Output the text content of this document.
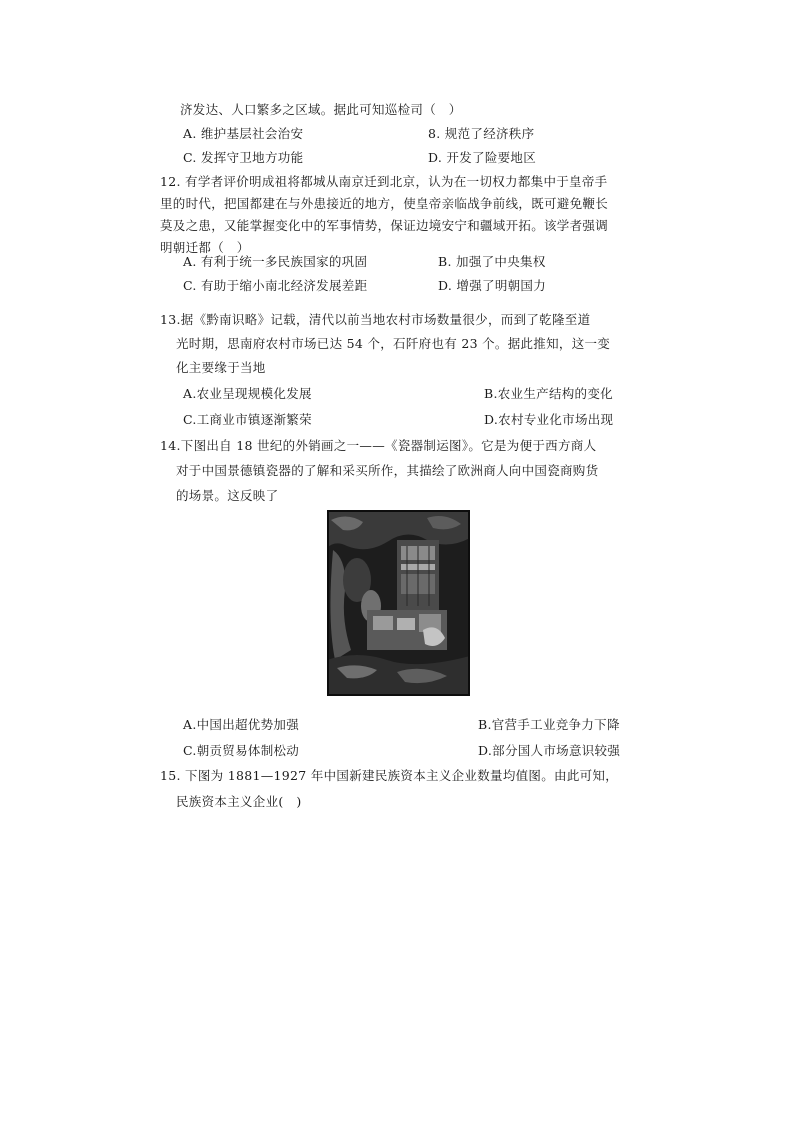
济发达、人口繁多之区域。据此可知巡检司（　）
A. 维护基层社会治安	8. 规范了经济秩序
C. 发挥守卫地方功能	D. 开发了险要地区
12. 有学者评价明成祖将都城从南京迁到北京，认为在一切权力都集中于皇帝手
里的时代，把国都建在与外患接近的地方，使皇帝亲临战争前线，既可避免鞭长
莫及之患，又能掌握变化中的军事情势，保证边境安宁和疆域开拓。该学者强调
明朝迁都（　）
A. 有利于统一多民族国家的巩固	B. 加强了中央集权
C. 有助于缩小南北经济发展差距	D. 增强了明朝国力
13.据《黔南识略》记载，清代以前当地农村市场数量很少，而到了乾隆至道
光时期，思南府农村市场已达 54 个，石阡府也有 23 个。据此推知，这一变
化主要缘于当地
A.农业呈现规模化发展	B.农业生产结构的变化
C.工商业市镇逐渐繁荣	D.农村专业化市场出现
14.下图出自 18 世纪的外销画之一——《瓷器制运图》。它是为便于西方商人
对于中国景德镇瓷器的了解和采买所作，其描绘了欧洲商人向中国瓷商购货
的场景。这反映了
A.中国出超优势加强	B.官营手工业竞争力下降
C.朝贡贸易体制松动	D.部分国人市场意识较强
15. 下图为 1881—1927 年中国新建民族资本主义企业数量均值图。由此可知，
民族资本主义企业(　)
